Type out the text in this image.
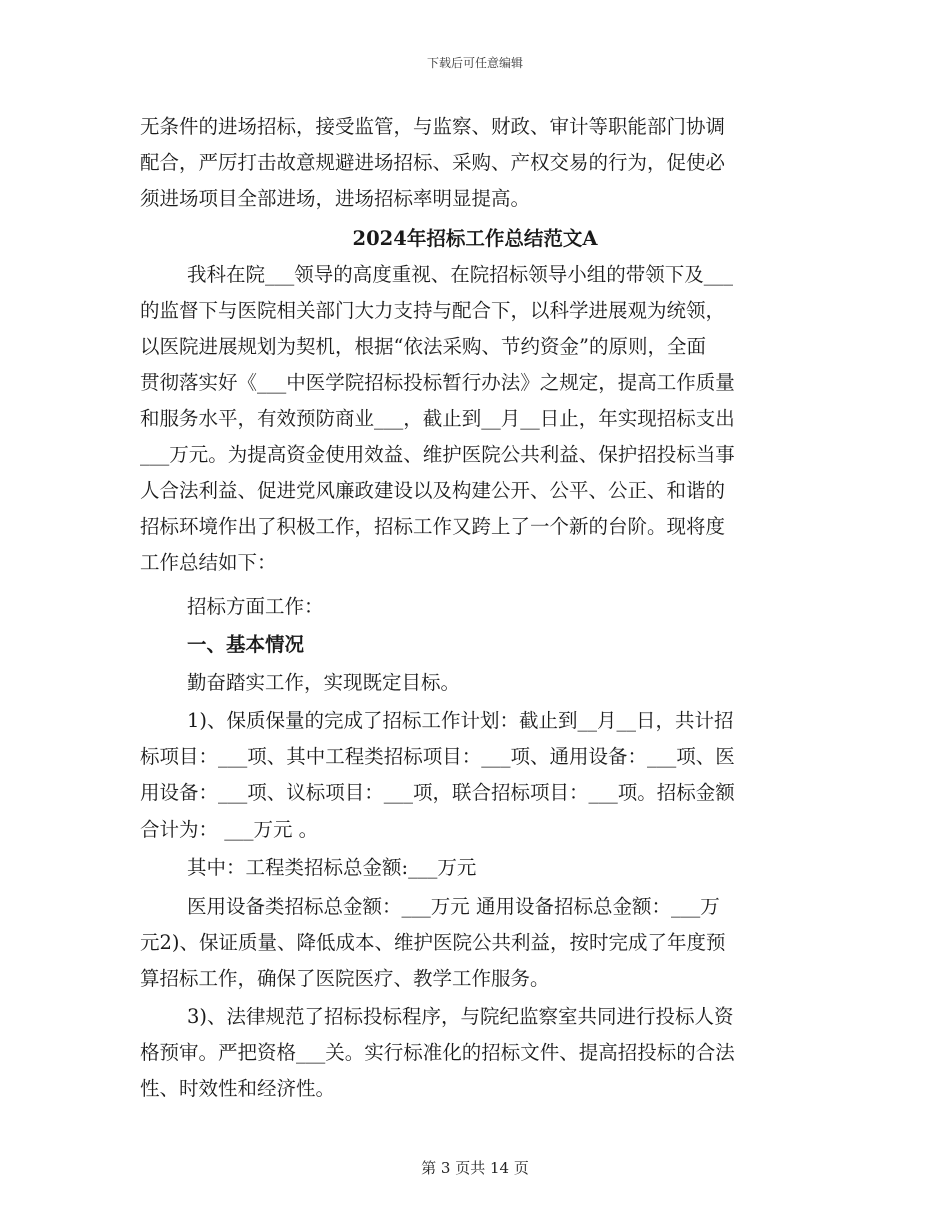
下载后可任意编辑
无条件的进场招标，接受监管，与监察、财政、审计等职能部门协调
配合，严厉打击故意规避进场招标、采购、产权交易的行为，促使必
须进场项目全部进场，进场招标率明显提高。
2024年招标工作总结范文A
我科在院___领导的高度重视、在院招标领导小组的带领下及___
的监督下与医院相关部门大力支持与配合下，以科学进展观为统领，
以医院进展规划为契机，根据“依法采购、节约资金”的原则，全面
贯彻落实好《___中医学院招标投标暂行办法》之规定，提高工作质量
和服务水平，有效预防商业___，截止到__月__日止，年实现招标支出
___万元。为提高资金使用效益、维护医院公共利益、保护招投标当事
人合法利益、促进党风廉政建设以及构建公开、公平、公正、和谐的
招标环境作出了积极工作，招标工作又跨上了一个新的台阶。现将度
工作总结如下：
招标方面工作：
一、基本情况
勤奋踏实工作，实现既定目标。
1)、保质保量的完成了招标工作计划：截止到__月__日，共计招
标项目：___项、其中工程类招标项目：___项、通用设备：___项、医
用设备：___项、议标项目：___项，联合招标项目：___项。招标金额
合计为： ___万元 。
其中：工程类招标总金额:___万元
医用设备类招标总金额：___万元 通用设备招标总金额：___万
元2)、保证质量、降低成本、维护医院公共利益，按时完成了年度预
算招标工作，确保了医院医疗、教学工作服务。
3)、法律规范了招标投标程序，与院纪监察室共同进行投标人资
格预审。严把资格___关。实行标准化的招标文件、提高招投标的合法
性、时效性和经济性。
第 3 页共 14 页
